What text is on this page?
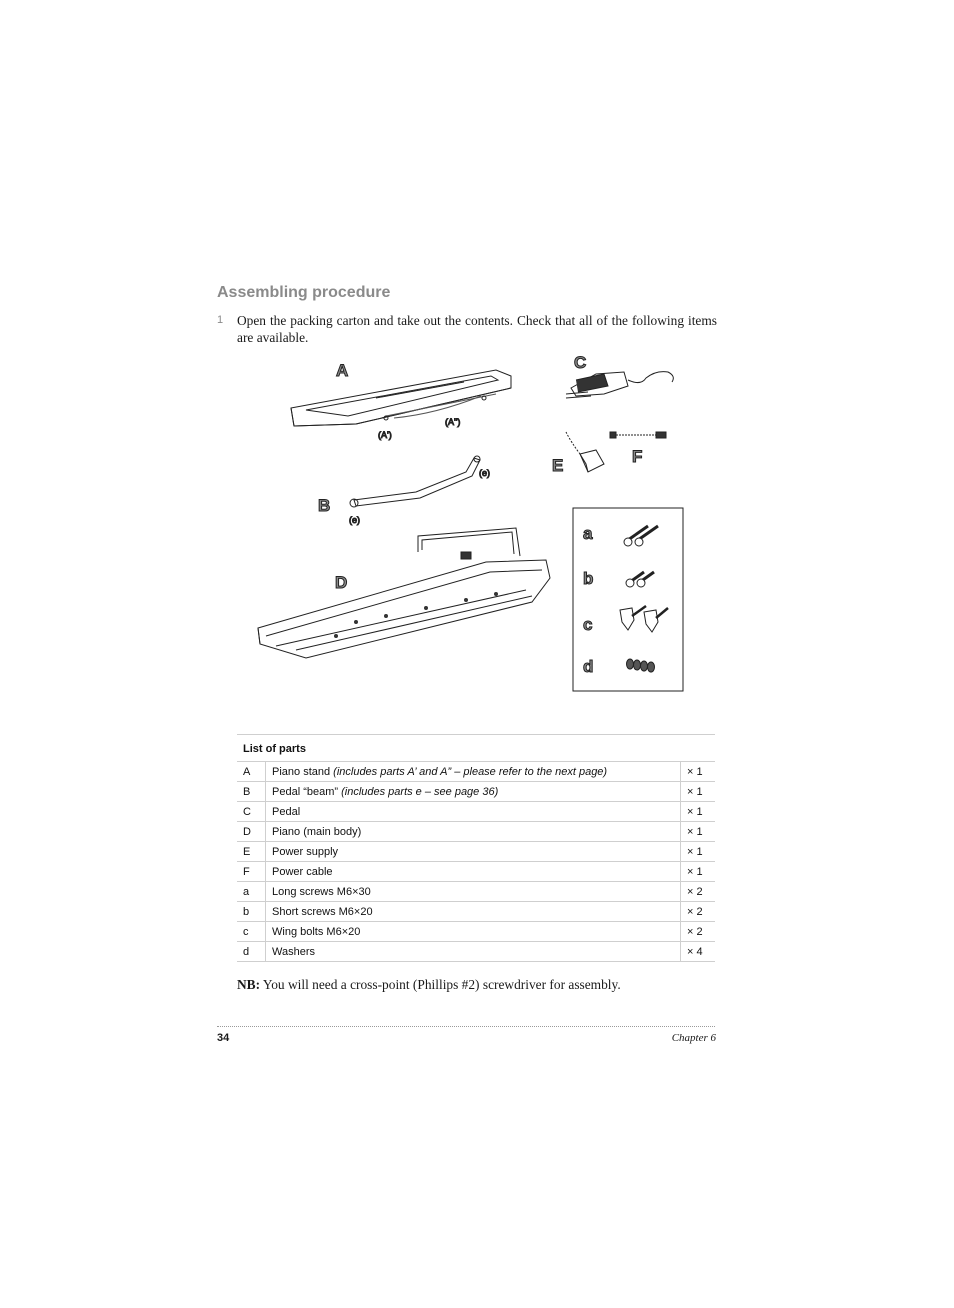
Assembling procedure
1 Open the packing carton and take out the contents. Check that all of the following items are available.
A
B
C
D
E	F
a
b
c
d
(A')
(A'')
(e)
(e)
List of parts		
A	Piano stand (includes parts A’ and A” – please refer to the next page)	× 1
B	Pedal “beam” (includes parts e – see page 36)	× 1
C	Pedal	× 1
D	Piano (main body)	× 1
E	Power supply	× 1
F	Power cable	× 1
a	Long screws M6×30	× 2
b	Short screws M6×20	× 2
c	Wing bolts M6×20	× 2
d	Washers	× 4
NB: You will need a cross-point (Phillips #2) screwdriver for assembly.
34	Chapter 6
